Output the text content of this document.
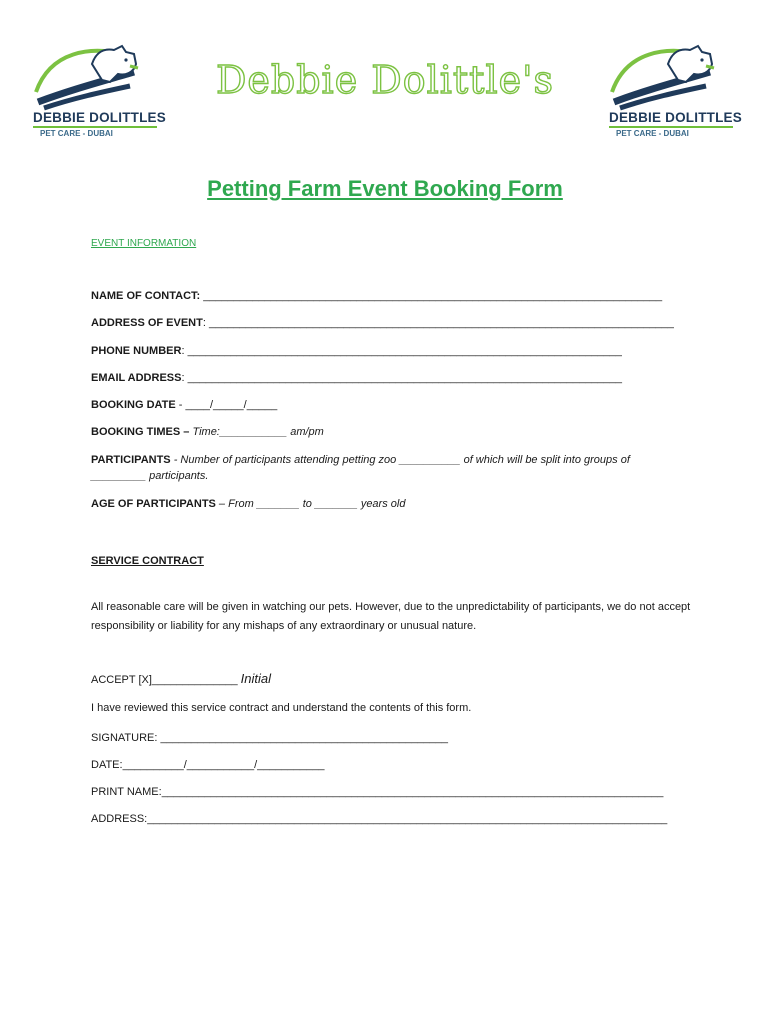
DEBBIE DOLITTLES
PET CARE - DUBAI
Debbie Dolittle's
DEBBIE DOLITTLES
PET CARE - DUBAI
Petting Farm Event Booking Form
EVENT INFORMATION
NAME OF CONTACT: ___________________________________________________________________________
ADDRESS OF EVENT: ____________________________________________________________________________
PHONE NUMBER: _______________________________________________________________________
EMAIL ADDRESS: _______________________________________________________________________
BOOKING DATE - ____/_____/_____
BOOKING TIMES – Time:___________ am/pm
PARTICIPANTS - Number of participants attending petting zoo __________ of which will be split into groups of
_________ participants.
AGE OF PARTICIPANTS – From _______ to _______ years old
SERVICE CONTRACT
All reasonable care will be given in watching our pets. However, due to the unpredictability of participants, we do not accept responsibility or liability for any mishaps of any extraordinary or unusual nature.
ACCEPT [X]______________ Initial
I have reviewed this service contract and understand the contents of this form.
SIGNATURE: _______________________________________________
DATE:__________/___________/___________
PRINT NAME:__________________________________________________________________________________
ADDRESS:_____________________________________________________________________________________
